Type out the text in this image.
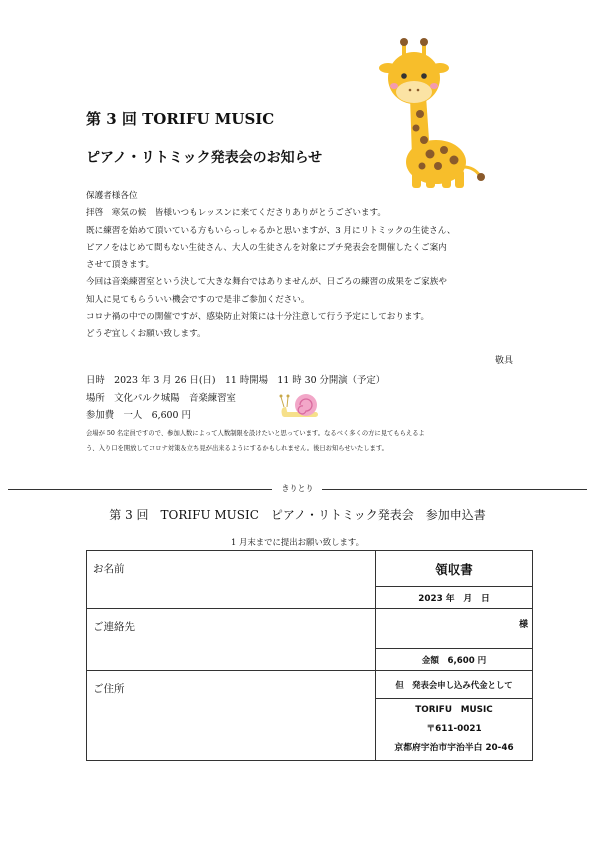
第 3 回 TORIFU MUSIC
ピアノ・リトミック発表会のお知らせ

保護者様各位

拝啓　寒気の候　皆様いつもレッスンに来てくださりありがとうございます。

既に練習を始めて頂いている方もいらっしゃるかと思いますが、3 月にリトミックの生徒さん、

ピアノをはじめて間もない生徒さん、大人の生徒さんを対象にプチ発表会を開催したくご案内

させて頂きます。

今回は音楽練習室という決して大きな舞台ではありませんが、日ごろの練習の成果をご家族や

知人に見てもらういい機会ですので是非ご参加ください。

コロナ禍の中での開催ですが、感染防止対策には十分注意して行う予定にしております。

どうぞ宜しくお願い致します。

敬具
日時　2023 年 3 月 26 日(日)　11 時開場　11 時 30 分開演（予定）
場所　文化パルク城陽　音楽練習室
参加費　一人　6,600 円

会場が 50 名定員ですので、参加人数によって人数制限を設けたいと思っています。なるべく多くの方に見てもらえるよ

う、入り口を開放してコロナ対策＆立ち見が出来るようにするかもしれません。後日お知らせいたします。

きりとり
第 3 回　TORIFU MUSIC　ピアノ・リトミック発表会　参加申込書
1 月末までに提出お願い致します。
お名前	領収書
	2023 年　月　日
ご連絡先	様
	金額　6,600 円
ご住所	但　発表会申し込み代金として

	TORIFU　MUSIC
〒611-0021
京都府宇治市宇治半白 20-46
